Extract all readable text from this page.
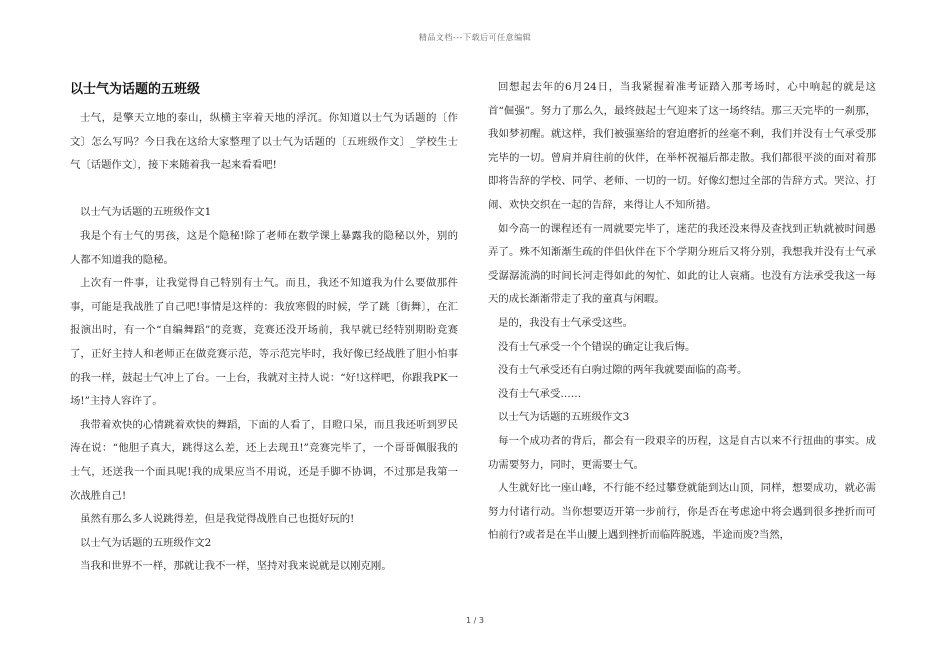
精品文档---下载后可任意编辑
以士气为话题的五班级

士气，是擎天立地的泰山，纵横主宰着天地的浮沉。你知道以士气为话题的〔作文〕怎么写吗？今日我在这给大家整理了以士气为话题的〔五班级作文〕_学校生士气〔话题作文〕，接下来随着我一起来看看吧!

以士气为话题的五班级作文1

我是个有士气的男孩，这是个隐秘!除了老师在数学课上暴露我的隐秘以外，别的人都不知道我的隐秘。

上次有一件事，让我觉得自己特别有士气。而且，我还不知道我为什么要做那件事，可能是我战胜了自己吧!事情是这样的：我放寒假的时候，学了跳〔街舞〕，在汇报演出时，有一个“自编舞蹈”的竞赛，竞赛还没开场前，我早就已经特别期盼竞赛了，正好主持人和老师正在做竞赛示范，等示范完毕时，我好像已经战胜了胆小怕事的我一样，鼓起士气冲上了台。一上台，我就对主持人说：“好!这样吧，你跟我PK一场!”主持人容许了。

我带着欢快的心情跳着欢快的舞蹈，下面的人看了，目瞪口呆，而且我还听到罗民涛在说：“他胆子真大，跳得这么差，还上去现丑!”竞赛完毕了，一个哥哥佩服我的士气，还送我一个面具呢!我的成果应当不用说，还是手脚不协调，不过那是我第一次战胜自己!

虽然有那么多人说跳得差，但是我觉得战胜自己也挺好玩的!

以士气为话题的五班级作文2

当我和世界不一样，那就让我不一样，坚持对我来说就是以刚克刚。

回想起去年的6月24日，当我紧握着准考证踏入那考场时，心中响起的就是这首“倔强”。努力了那么久，最终鼓起士气迎来了这一场终结。那三天完毕的一刹那，我如梦初醒。就这样，我们被强塞给的窘迫磨折的丝毫不剩，我们并没有士气承受那完毕的一切。曾肩并肩往前的伙伴，在举杯祝福后都走散。我们都很平淡的面对着那即将告辞的学校、同学、老师、一切的一切。好像幻想过全部的告辞方式。哭泣、打闹、欢快交织在一起的告辞，来得让人不知所措。

如今高一的课程还有一周就要完毕了，迷茫的我还没来得及查找到正轨就被时间愚弄了。殊不知渐渐生疏的伴侣伙伴在下个学期分班后又将分别，我想我并没有士气承受潺潺流淌的时间长河走得如此的匆忙、如此的让人哀痛。也没有方法承受我这一每天的成长渐渐带走了我的童真与闲暇。

是的，我没有士气承受这些。

没有士气承受一个个错误的确定让我后悔。

没有士气承受还有白驹过隙的两年我就要面临的高考。

没有士气承受……

以士气为话题的五班级作文3

每一个成功者的背后，都会有一段艰辛的历程，这是自古以来不行扭曲的事实。成功需要努力，同时，更需要士气。

人生就好比一座山峰，不行能不经过攀登就能到达山顶，同样，想要成功，就必需努力付诸行动。当你想要迈开第一步前行，你是否在考虑途中将会遇到很多挫折而可怕前行?或者是在半山腰上遇到挫折而临阵脱逃，半途而废?当然，

1 / 3
